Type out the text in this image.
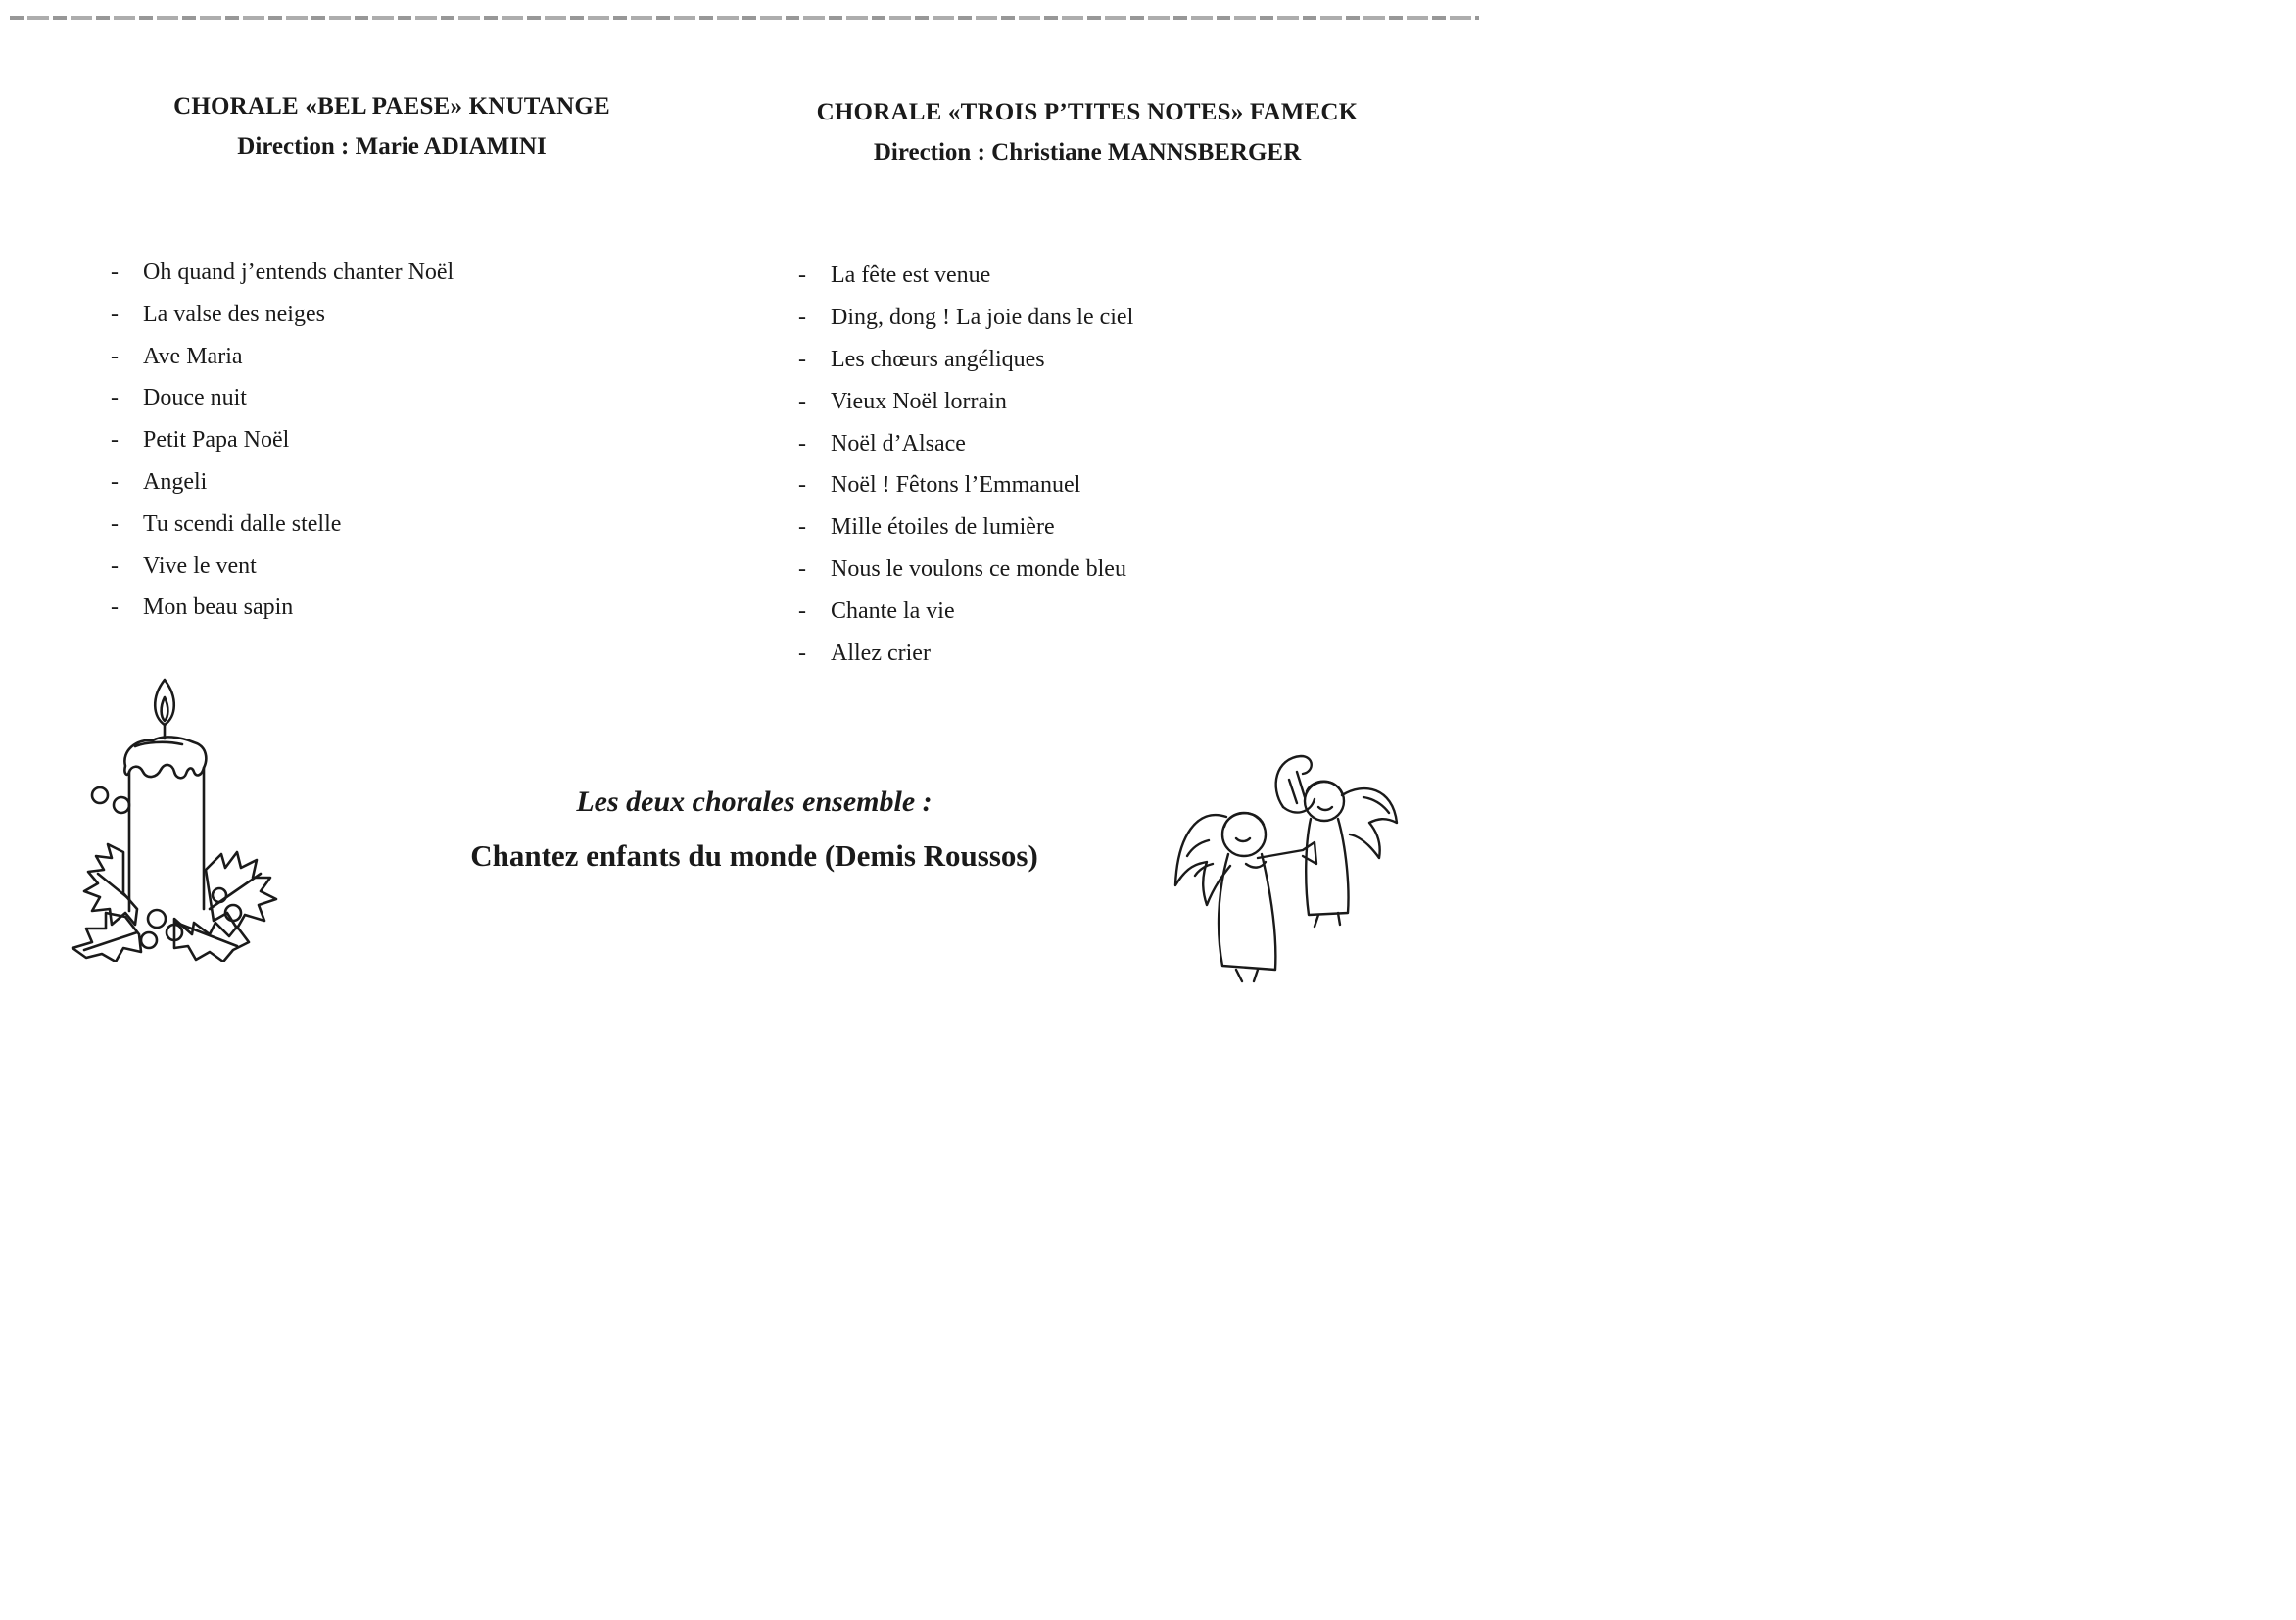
CHORALE «BEL PAESE» KNUTANGE
Direction : Marie ADIAMINI
CHORALE «TROIS P’TITES NOTES» FAMECK
Direction : Christiane MANNSBERGER
- Oh quand j’entends chanter Noël
- La valse des neiges
- Ave Maria
- Douce nuit
- Petit Papa Noël
- Angeli
- Tu scendi dalle stelle
- Vive le vent
- Mon beau sapin
- La fête est venue
- Ding, dong ! La joie dans le ciel
- Les chœurs angéliques
- Vieux Noël lorrain
- Noël d’Alsace
- Noël ! Fêtons l’Emmanuel
- Mille étoiles de lumière
- Nous le voulons ce monde bleu
- Chante la vie
- Allez crier
Les deux chorales ensemble :
Chantez enfants du monde (Demis Roussos)
